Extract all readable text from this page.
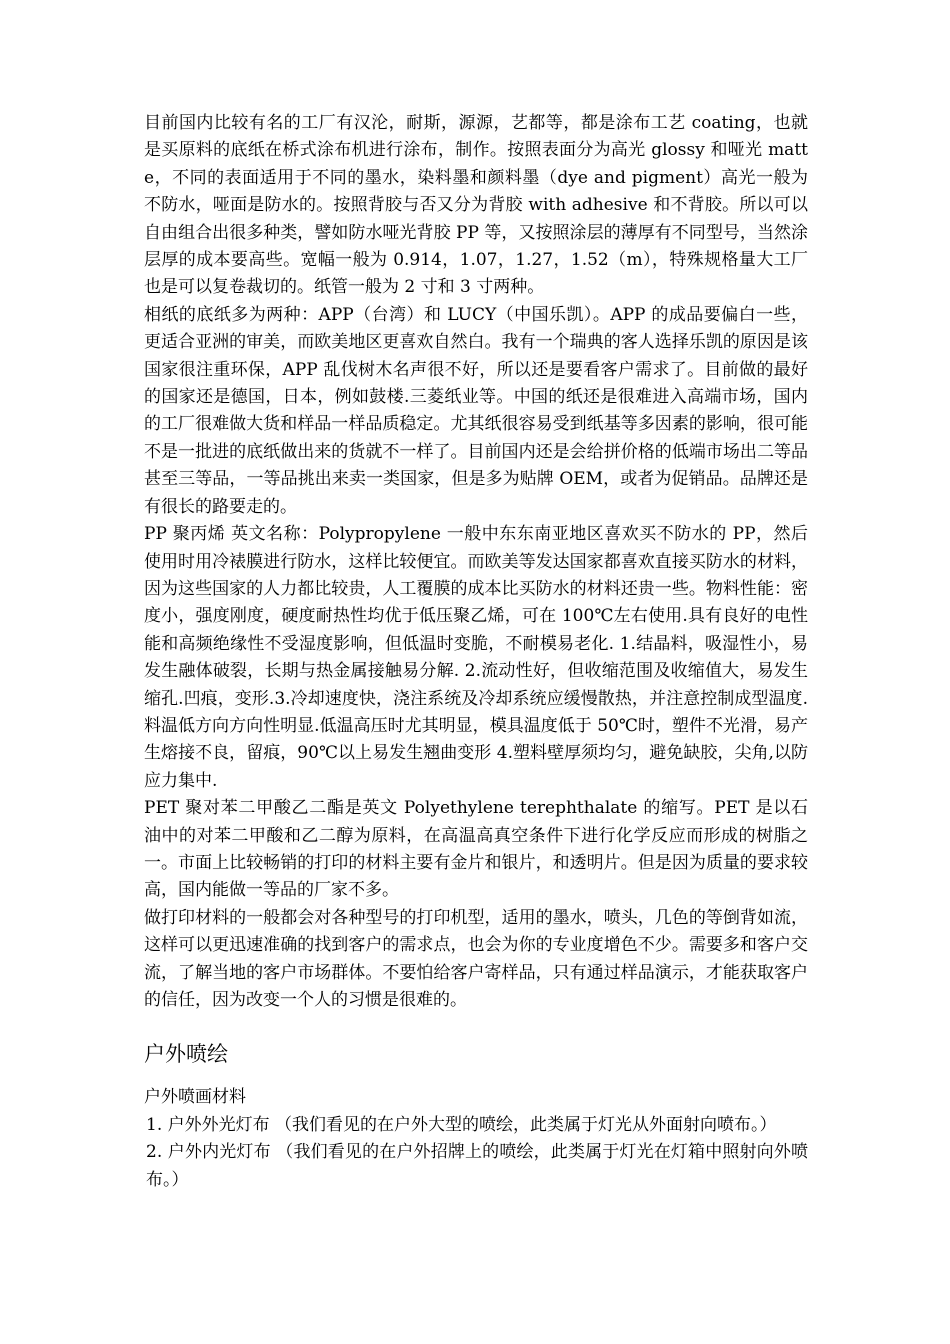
目前国内比较有名的工厂有汉沦，耐斯，源源，艺都等，都是涂布工艺 coating，也就是买原料的底纸在桥式涂布机进行涂布，制作。按照表面分为高光 glossy 和哑光 matte，不同的表面适用于不同的墨水，染料墨和颜料墨（dye and pigment）高光一般为不防水，哑面是防水的。按照背胶与否又分为背胶 with adhesive 和不背胶。所以可以自由组合出很多种类，譬如防水哑光背胶 PP 等，又按照涂层的薄厚有不同型号，当然涂层厚的成本要高些。宽幅一般为 0.914，1.07，1.27，1.52（m），特殊规格量大工厂也是可以复卷裁切的。纸管一般为 2 寸和 3 寸两种。

相纸的底纸多为两种：APP（台湾）和 LUCY（中国乐凯）。APP 的成品要偏白一些，更适合亚洲的审美，而欧美地区更喜欢自然白。我有一个瑞典的客人选择乐凯的原因是该国家很注重环保，APP 乱伐树木名声很不好，所以还是要看客户需求了。目前做的最好的国家还是德国，日本，例如鼓楼.三菱纸业等。中国的纸还是很难进入高端市场，国内的工厂很难做大货和样品一样品质稳定。尤其纸很容易受到纸基等多因素的影响，很可能不是一批进的底纸做出来的货就不一样了。目前国内还是会给拼价格的低端市场出二等品甚至三等品，一等品挑出来卖一类国家，但是多为贴牌 OEM，或者为促销品。品牌还是有很长的路要走的。

PP 聚丙烯 英文名称：Polypropylene 一般中东东南亚地区喜欢买不防水的 PP，然后使用时用冷裱膜进行防水，这样比较便宜。而欧美等发达国家都喜欢直接买防水的材料，因为这些国家的人力都比较贵，人工覆膜的成本比买防水的材料还贵一些。物料性能：密度小，强度刚度，硬度耐热性均优于低压聚乙烯，可在 100℃左右使用.具有良好的电性能和高频绝缘性不受湿度影响，但低温时变脆，不耐模易老化. 1.结晶料，吸湿性小，易发生融体破裂，长期与热金属接触易分解. 2.流动性好，但收缩范围及收缩值大，易发生缩孔.凹痕，变形.3.冷却速度快，浇注系统及冷却系统应缓慢散热，并注意控制成型温度.料温低方向方向性明显.低温高压时尤其明显，模具温度低于 50℃时，塑件不光滑，易产生熔接不良，留痕，90℃以上易发生翘曲变形 4.塑料壁厚须均匀，避免缺胶，尖角,以防应力集中.

PET 聚对苯二甲酸乙二酯是英文 Polyethylene terephthalate 的缩写。PET 是以石油中的对苯二甲酸和乙二醇为原料，在高温高真空条件下进行化学反应而形成的树脂之一。市面上比较畅销的打印的材料主要有金片和银片，和透明片。但是因为质量的要求较高，国内能做一等品的厂家不多。

做打印材料的一般都会对各种型号的打印机型，适用的墨水，喷头，几色的等倒背如流，这样可以更迅速准确的找到客户的需求点，也会为你的专业度增色不少。需要多和客户交流，了解当地的客户市场群体。不要怕给客户寄样品，只有通过样品演示，才能获取客户的信任，因为改变一个人的习惯是很难的。

户外喷绘
户外喷画材料
1. 户外外光灯布 （我们看见的在户外大型的喷绘，此类属于灯光从外面射向喷布。）
2. 户外内光灯布 （我们看见的在户外招牌上的喷绘，此类属于灯光在灯箱中照射向外喷布。）
